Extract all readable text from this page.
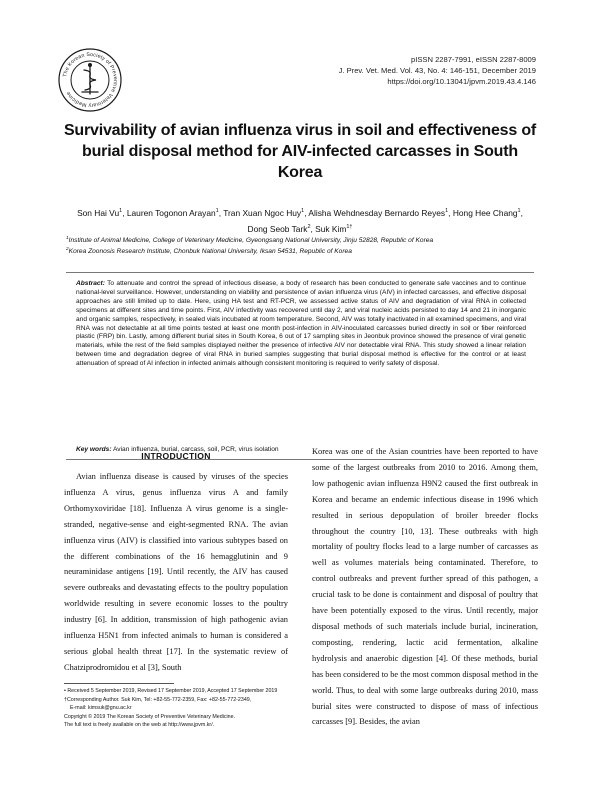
The Korean Society of Preventive Veterinary Medicine
pISSN 2287-7991, eISSN 2287-8009
J. Prev. Vet. Med. Vol. 43, No. 4: 146-151, December 2019
https://doi.org/10.13041/jpvm.2019.43.4.146
Survivability of avian influenza virus in soil and effectiveness of burial disposal method for AIV-infected carcasses in South Korea
Son Hai Vu$^1$, Lauren Togonon Arayan$^1$, Tran Xuan Ngoc Huy$^1$, Alisha Wehdnesday Bernardo Reyes$^1$, Hong Hee Chang$^1$,
Dong Seob Tark$^2$, Suk Kim$^{1\dagger}$
$^1$Institute of Animal Medicine, College of Veterinary Medicine, Gyeongsang National University, Jinju 52828, Republic of Korea
$^2$Korea Zoonosis Research Institute, Chonbuk National University, Iksan 54531, Republic of Korea
Abstract: To attenuate and control the spread of infectious disease, a body of research has been conducted to generate safe vaccines and to continue national-level surveillance. However, understanding on viability and persistence of avian influenza virus (AIV) in infected carcasses, and effective disposal approaches are still limited up to date. Here, using HA test and RT-PCR, we assessed active status of AIV and degradation of viral RNA in collected specimens at different sites and time points. First, AIV infectivity was recovered until day 2, and viral nucleic acids persisted to day 14 and 21 in inorganic and organic samples, respectively, in sealed vials incubated at room temperature. Second, AIV was totally inactivated in all examined specimens, and viral RNA was not detectable at all time points tested at least one month post-infection in AIV-inoculated carcasses buried directly in soil or fiber reinforced plastic (FRP) bin. Lastly, among different burial sites in South Korea, 6 out of 17 sampling sites in Jeonbuk province showed the presence of viral genetic materials, while the rest of the field samples displayed neither the presence of infective AIV nor detectable viral RNA. This study showed a linear relation between time and degradation degree of viral RNA in buried samples suggesting that burial disposal method is effective for the control or at least attenuation of spread of AI infection in infected animals although consistent monitoring is required to verify safety of disposal.
Key words: Avian influenza, burial, carcass, soil, PCR, virus isolation
INTRODUCTION

Avian influenza disease is caused by viruses of the species influenza A virus, genus influenza virus A and family Orthomyxoviridae [18]. Influenza A virus genome is a single-stranded, negative-sense and eight-segmented RNA. The avian influenza virus (AIV) is classified into various subtypes based on the different combinations of the 16 hemagglutinin and 9 neuraminidase antigens [19]. Until recently, the AIV has caused severe outbreaks and devastating effects to the poultry population worldwide resulting in severe economic losses to the poultry industry [6]. In addition, transmission of high pathogenic avian influenza H5N1 from infected animals to human is considered a serious global health threat [17]. In the systematic review of Chatziprodromidou et al [3], South

Korea was one of the Asian countries have been reported to have some of the largest outbreaks from 2010 to 2016. Among them, low pathogenic avian influenza H9N2 caused the first outbreak in Korea and became an endemic infectious disease in 1996 which resulted in serious depopulation of broiler breeder flocks throughout the country [10, 13]. These outbreaks with high mortality of poultry flocks lead to a large number of carcasses as well as volumes materials being contaminated. Therefore, to control outbreaks and prevent further spread of this pathogen, a crucial task to be done is containment and disposal of poultry that have been potentially exposed to the virus. Until recently, major disposal methods of such materials include burial, incineration, composting, rendering, lactic acid fermentation, alkaline hydrolysis and anaerobic digestion [4]. Of these methods, burial has been considered to be the most common disposal method in the world. Thus, to deal with some large outbreaks during 2010, mass burial sites were constructed to dispose of mass of infectious carcasses [9]. Besides, the avian

• Received 5 September 2019, Revised 17 September 2019, Accepted 17 September 2019
†Corresponding Author. Suk Kim, Tel: +82-55-772-2359, Fax: +82-55-772-2349,
E-mail: kimsuk@gnu.ac.kr
Copyright © 2019 The Korean Society of Preventive Veterinary Medicine.
The full text is freely available on the web at http://www.jpvm.kr/.
